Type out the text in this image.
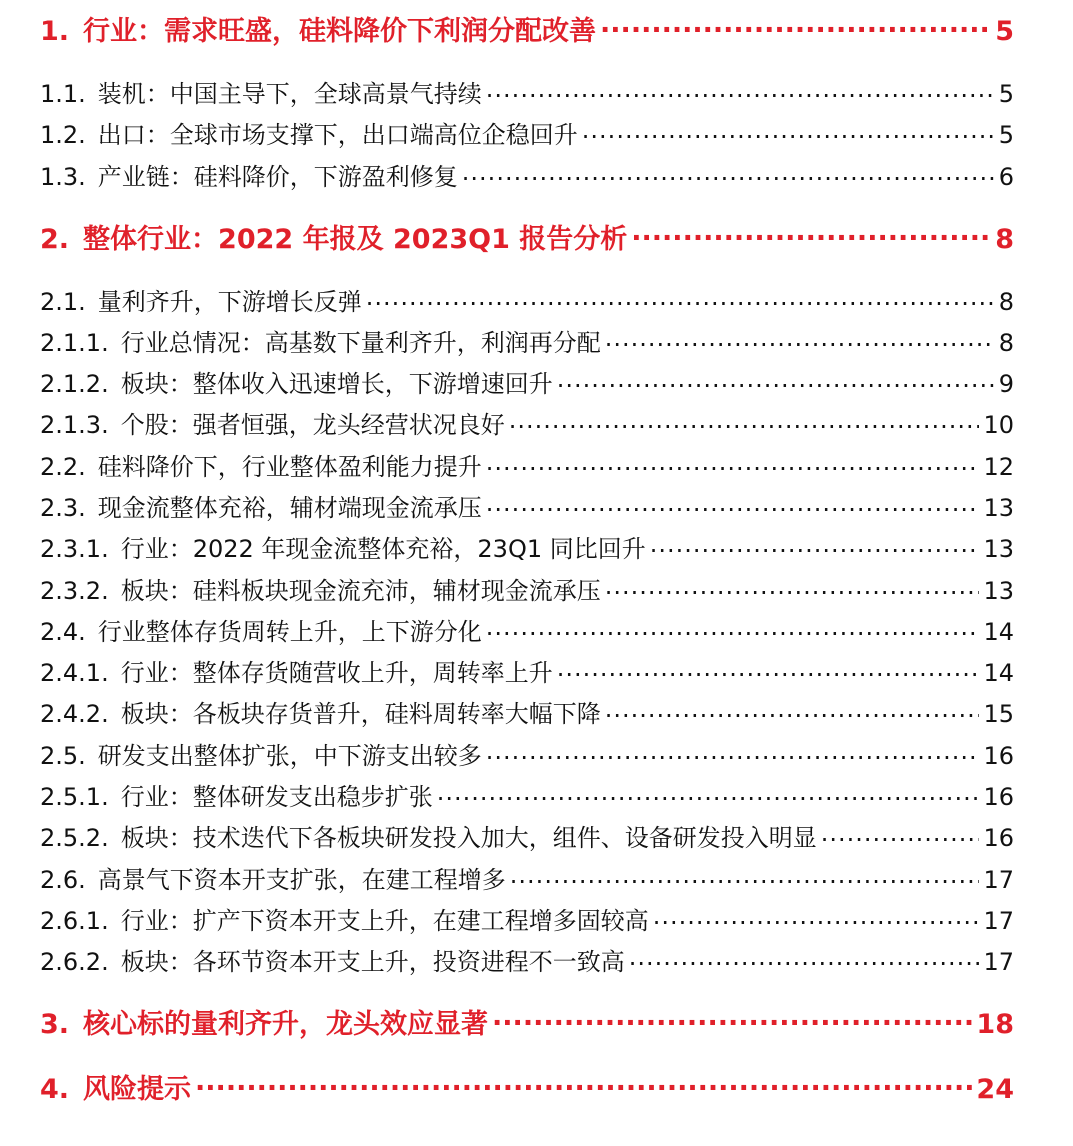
1. 行业：需求旺盛，硅料降价下利润分配改善 .....	5
1.1. 装机：中国主导下，全球高景气持续 .....	5
1.2. 出口：全球市场支撑下，出口端高位企稳回升 .....	5
1.3. 产业链：硅料降价，下游盈利修复 .....	6
2. 整体行业：2022 年报及 2023Q1 报告分析 .....	8
2.1. 量利齐升，下游增长反弹 .....	8
2.1.1. 行业总情况：高基数下量利齐升，利润再分配 .....	8
2.1.2. 板块：整体收入迅速增长，下游增速回升 .....	9
2.1.3. 个股：强者恒强，龙头经营状况良好 .....	10
2.2. 硅料降价下，行业整体盈利能力提升 .....	12
2.3. 现金流整体充裕，辅材端现金流承压 .....	13
2.3.1. 行业：2022 年现金流整体充裕，23Q1 同比回升 .....	13
2.3.2. 板块：硅料板块现金流充沛，辅材现金流承压 .....	13
2.4. 行业整体存货周转上升，上下游分化 .....	14
2.4.1. 行业：整体存货随营收上升，周转率上升 .....	14
2.4.2. 板块：各板块存货普升，硅料周转率大幅下降 .....	15
2.5. 研发支出整体扩张，中下游支出较多 .....	16
2.5.1. 行业：整体研发支出稳步扩张 .....	16
2.5.2. 板块：技术迭代下各板块研发投入加大，组件、设备研发投入明显 .....	16
2.6. 高景气下资本开支扩张，在建工程增多 .....	17
2.6.1. 行业：扩产下资本开支上升，在建工程增多固较高 .....	17
2.6.2. 板块：各环节资本开支上升，投资进程不一致高 .....	17
3. 核心标的量利齐升，龙头效应显著 .....	18
4. 风险提示 .....	24
